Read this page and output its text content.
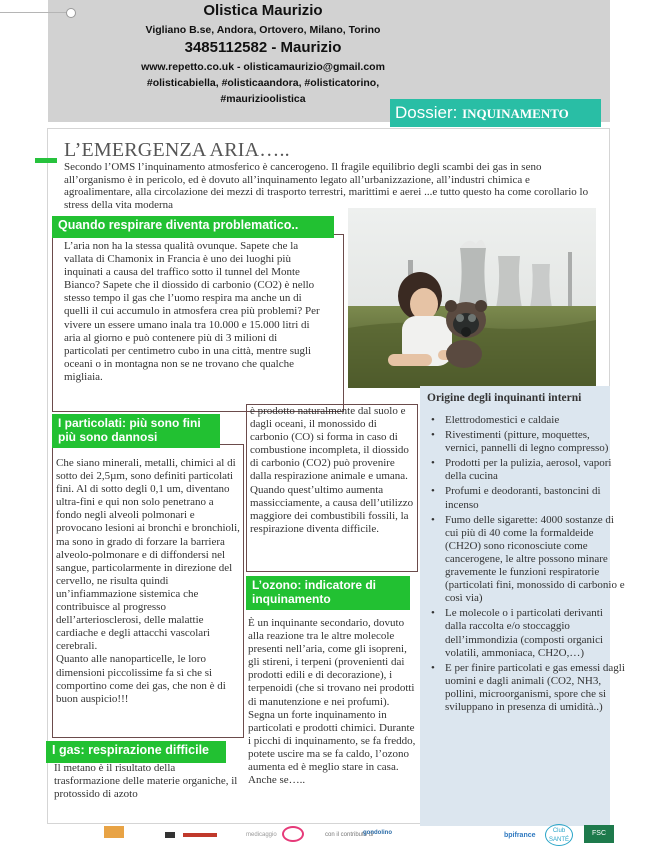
Olistica Maurizio
Vigliano B.se, Andora, Ortovero, Milano, Torino
3485112582 - Maurizio
www.repetto.co.uk - olisticamaurizio@gmail.com
#olisticabiella, #olisticaandora, #olisticatorino,
#maurizioolistica
Dossier: INQUINAMENTO
L’EMERGENZA ARIA…..
Secondo l’OMS l’inquinamento atmosferico è cancerogeno. Il fragile equilibrio degli scambi dei gas in seno all’organismo è in pericolo, ed è dovuto all’inquinamento legato all’urbanizzazione, all’industri chimica e agroalimentare, alla circolazione dei mezzi di trasporto terrestri, marittimi e aerei ...e tutto questo ha come corollario lo stress della vita moderna
Quando respirare diventa problematico..
L’aria non ha la stessa qualità ovunque. Sapete che la vallata di Chamonix in Francia è uno dei luoghi più inquinati a causa del traffico sotto il tunnel del Monte Bianco? Sapete che il diossido di carbonio (CO2) è nello stesso tempo il gas che l’uomo respira ma anche un di quelli il cui accumulo in atmosfera crea più problemi? Per vivere un essere umano inala tra 10.000 e 15.000 litri di aria al giorno e può contenere più di 3 milioni di particolati per centimetro cubo in una città, mentre sugli oceani o in montagna non se ne trovano che qualche migliaia.
I particolati: più sono fini più sono dannosi
Che siano minerali, metalli, chimici al di sotto dei 2,5µm, sono definiti particolati fini. Al di sotto degli 0,1 um, diventano ultra-fini e qui non solo penetrano a fondo negli alveoli polmonari e provocano lesioni ai bronchi e bronchioli, ma sono in grado di forzare la barriera alveolo-polmonare e di diffondersi nel sangue, particolarmente in direzione del cervello, ne risulta quindi un’infiammazione sistemica che contribuisce al progresso dell’arteriosclerosi, delle malattie cardiache e degli attacchi vascolari cerebrali.
Quanto alle nanoparticelle, le loro dimensioni piccolissime fa sì che si comportino come dei gas, che non è di buon auspicio!!!
è prodotto naturalmente dal suolo e dagli oceani, il monossido di carbonio (CO) si forma in caso di combustione incompleta, il diossido di carbonio (CO2) può provenire dalla respirazione animale e umana. Quando quest’ultimo aumenta massicciamente, a causa dell’utilizzo maggiore dei combustibili fossili, la respirazione diventa difficile.
L’ozono: indicatore di inquinamento
È un inquinante secondario, dovuto alla reazione tra le altre molecole presenti nell’aria, come gli isopreni, gli stireni, i terpeni (provenienti dai prodotti edili e di decorazione), i terpenoidi (che si trovano nei prodotti di manutenzione e nei profumi). Segna un forte inquinamento in particolati e prodotti chimici. Durante i picchi di inquinamento, se fa freddo, potete uscire ma se fa caldo, l’ozono aumenta ed è meglio stare in casa. Anche se…..
I gas: respirazione difficile
Il metano è il risultato della trasformazione delle materie organiche, il protossido di azoto
Origine degli inquinanti interni
• Elettrodomestici e caldaie
• Rivestimenti (pitture, moquettes, vernici, pannelli di legno compresso)
• Prodotti per la pulizia, aerosol, vapori della cucina
• Profumi e deodoranti, bastoncini di incenso
• Fumo delle sigarette: 4000 sostanze di cui più di 40 come la formaldeide (CH2O) sono riconosciute come cancerogene, le altre possono minare gravemente le funzioni respiratorie (particolati fini, monossido di carbonio e così via)
• Le molecole o i particolati derivanti dalla raccolta e/o stoccaggio dell’immondizia (composti organici volatili, ammoniaca, CH2O,…)
• E per finire particolati e gas emessi dagli uomini e dagli animali (CO2, NH3, pollini, microorganismi, spore che si sviluppano in presenza di umidità..)
medicaggio	con il contributo di
gondolino	bpifrance
Club
SANTÉ
FSC
